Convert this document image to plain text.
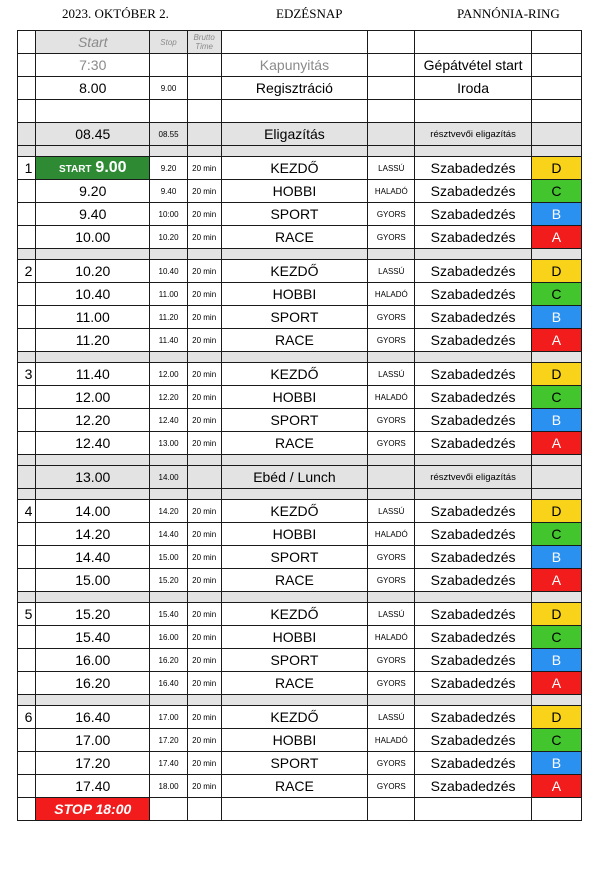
2023. OKTÓBER 2.	EDZÉSNAP	PANNÓNIA-RING
	Start	Stop	Brutto Time				
	7:30			Kapunyitás		Gépátvétel start	
	8.00	9.00		Regisztráció		Iroda	

	08.45	08.55		Eligazítás		résztvevői eligazítás	

1	START 9.00	9.20	20 min	KEZDŐ	LASSÚ	Szabadedzés	D
	9.20	9.40	20 min	HOBBI	HALADÓ	Szabadedzés	C
	9.40	10:00	20 min	SPORT	GYORS	Szabadedzés	B
	10.00	10.20	20 min	RACE	GYORS	Szabadedzés	A

2	10.20	10.40	20 min	KEZDŐ	LASSÚ	Szabadedzés	D
	10.40	11.00	20 min	HOBBI	HALADÓ	Szabadedzés	C
	11.00	11.20	20 min	SPORT	GYORS	Szabadedzés	B
	11.20	11.40	20 min	RACE	GYORS	Szabadedzés	A

3	11.40	12.00	20 min	KEZDŐ	LASSÚ	Szabadedzés	D
	12.00	12.20	20 min	HOBBI	HALADÓ	Szabadedzés	C
	12.20	12.40	20 min	SPORT	GYORS	Szabadedzés	B
	12.40	13.00	20 min	RACE	GYORS	Szabadedzés	A

	13.00	14.00		Ebéd / Lunch		résztvevői eligazítás	

4	14.00	14.20	20 min	KEZDŐ	LASSÚ	Szabadedzés	D
	14.20	14.40	20 min	HOBBI	HALADÓ	Szabadedzés	C
	14.40	15.00	20 min	SPORT	GYORS	Szabadedzés	B
	15.00	15.20	20 min	RACE	GYORS	Szabadedzés	A

5	15.20	15.40	20 min	KEZDŐ	LASSÚ	Szabadedzés	D
	15.40	16.00	20 min	HOBBI	HALADÓ	Szabadedzés	C
	16.00	16.20	20 min	SPORT	GYORS	Szabadedzés	B
	16.20	16.40	20 min	RACE	GYORS	Szabadedzés	A

6	16.40	17.00	20 min	KEZDŐ	LASSÚ	Szabadedzés	D
	17.00	17.20	20 min	HOBBI	HALADÓ	Szabadedzés	C
	17.20	17.40	20 min	SPORT	GYORS	Szabadedzés	B
	17.40	18.00	20 min	RACE	GYORS	Szabadedzés	A
	STOP 18:00						
